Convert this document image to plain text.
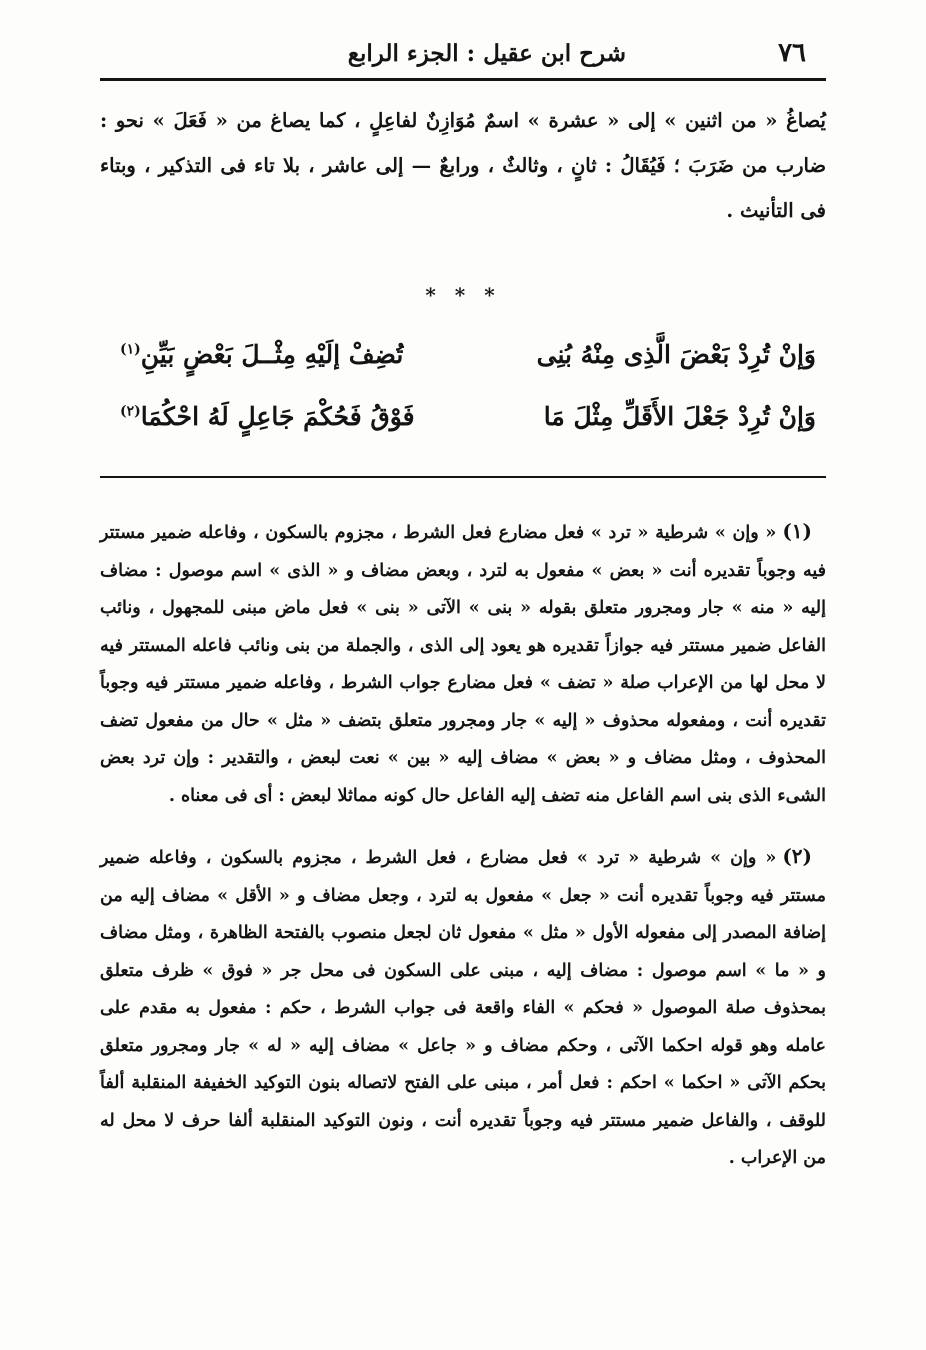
٧٦
شرح ابن عقيل : الجزء الرابع
يُصاغُ « من اثنين » إلى « عشرة » اسمٌ مُوَازِنٌ لفاعِلٍ ، كما يصاغ من « فَعَلَ » نحو : ضارب من ضَرَبَ ؛ فَيُقَالُ : ثانٍ ، وثالثٌ ، ورابعٌ — إلى عاشر ، بلا تاء فى التذكير ، وبتاء فى التأنيث .
* * *
وَإنْ تُرِدْ بَعْضَ الَّذِى مِنْهُ بُنِى
تُضِفْ إلَيْهِ مِثْــلَ بَعْضٍ بَيِّنِ$^{(١)}$
وَإنْ تُرِدْ جَعْلَ الأَقَلِّ مِثْلَ مَا
فَوْقُ فَحُكْمَ جَاعِلٍ لَهُ احْكُمَا$^{(٢)}$

(١)« وإن » شرطية « ترد » فعل مضارع فعل الشرط ، مجزوم بالسكون ، وفاعله ضمير مستتر فيه وجوباً تقديره أنت « بعض » مفعول به لترد ، وبعض مضاف و « الذى » اسم موصول : مضاف إليه « منه » جار ومجرور متعلق بقوله « بنى » الآتى « بنى » فعل ماض مبنى للمجهول ، ونائب الفاعل ضمير مستتر فيه جوازاً تقديره هو يعود إلى الذى ، والجملة من بنى ونائب فاعله المستتر فيه لا محل لها من الإعراب صلة « تضف » فعل مضارع جواب الشرط ، وفاعله ضمير مستتر فيه وجوباً تقديره أنت ، ومفعوله محذوف « إليه » جار ومجرور متعلق بتضف « مثل » حال من مفعول تضف المحذوف ، ومثل مضاف و « بعض » مضاف إليه « بين » نعت لبعض ، والتقدير : وإن ترد بعض الشىء الذى بنى اسم الفاعل منه تضف إليه الفاعل حال كونه مماثلا لبعض : أى فى معناه .

(٢)« وإن » شرطية « ترد » فعل مضارع ، فعل الشرط ، مجزوم بالسكون ، وفاعله ضمير مستتر فيه وجوباً تقديره أنت « جعل » مفعول به لترد ، وجعل مضاف و « الأقل » مضاف إليه من إضافة المصدر إلى مفعوله الأول « مثل » مفعول ثان لجعل منصوب بالفتحة الظاهرة ، ومثل مضاف و « ما » اسم موصول : مضاف إليه ، مبنى على السكون فى محل جر « فوق » ظرف متعلق بمحذوف صلة الموصول « فحكم » الفاء واقعة فى جواب الشرط ، حكم : مفعول به مقدم على عامله وهو قوله احكما الآتى ، وحكم مضاف و « جاعل » مضاف إليه « له » جار ومجرور متعلق بحكم الآتى « احكما » احكم : فعل أمر ، مبنى على الفتح لاتصاله بنون التوكيد الخفيفة المنقلبة ألفاً للوقف ، والفاعل ضمير مستتر فيه وجوباً تقديره أنت ، ونون التوكيد المنقلبة ألفا حرف لا محل له من الإعراب .
